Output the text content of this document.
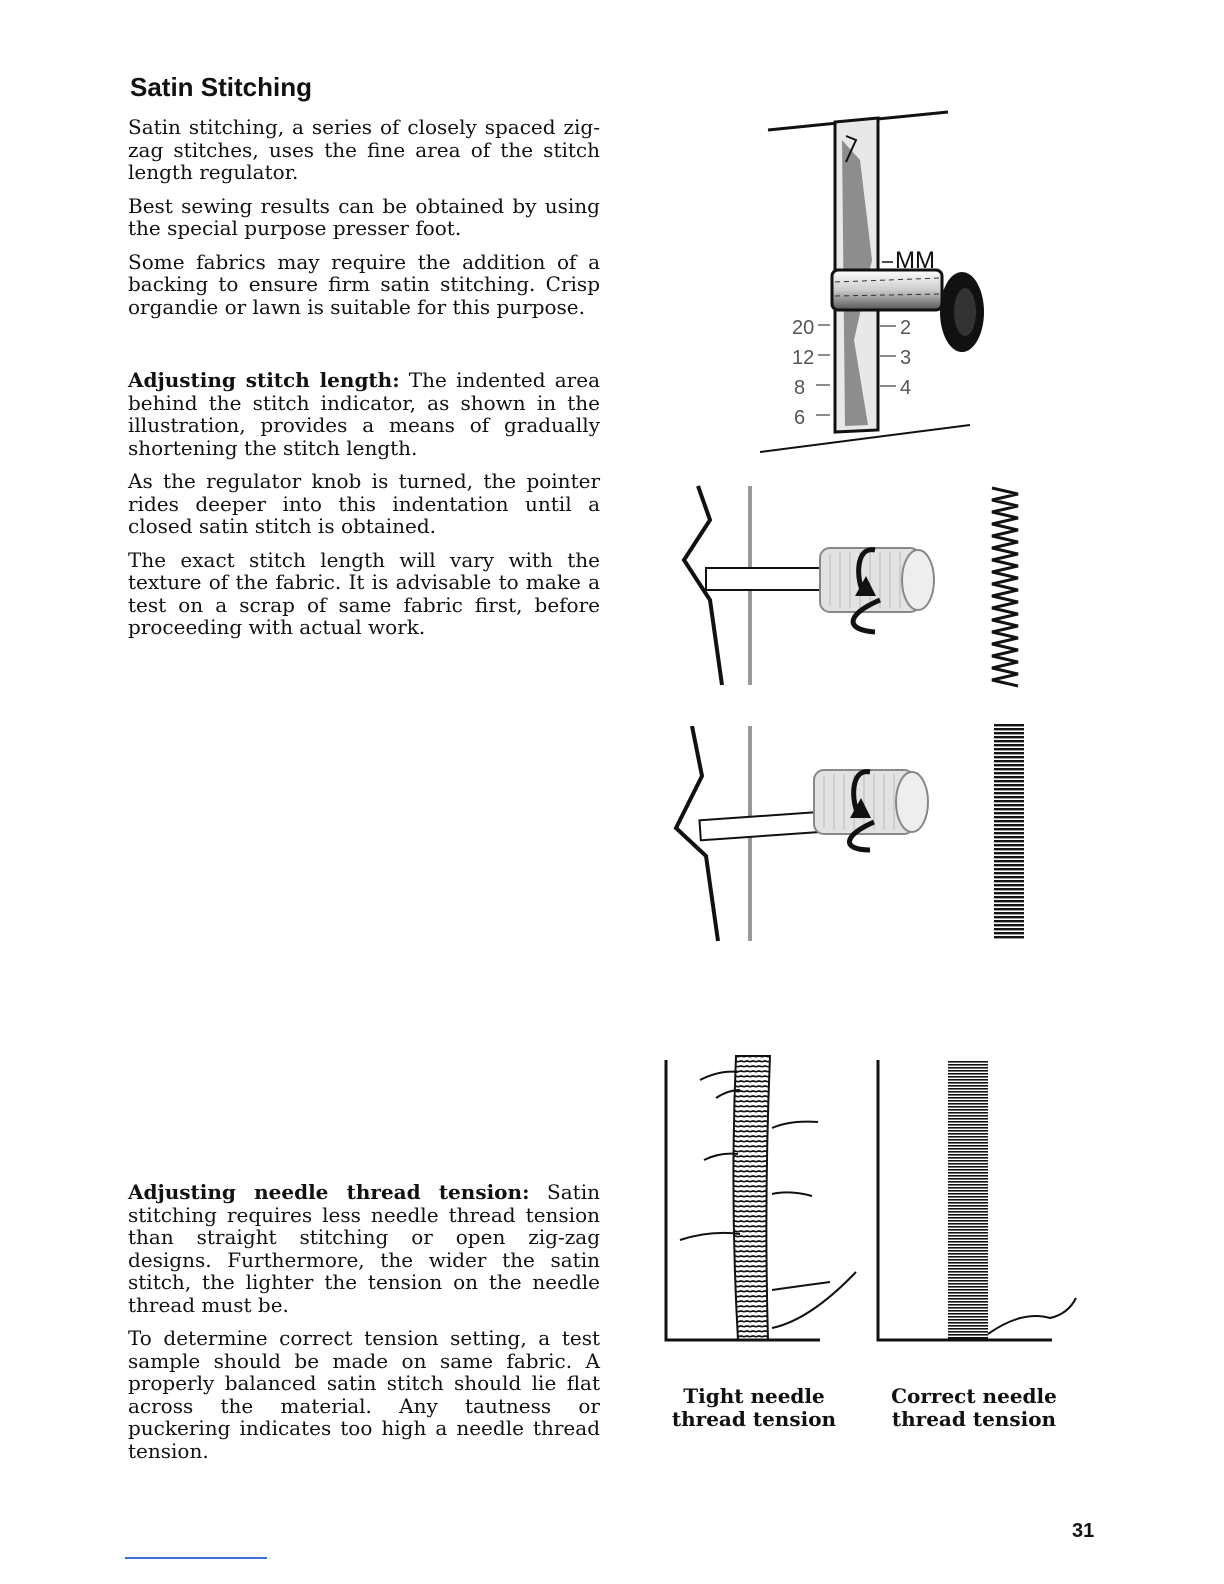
Satin Stitching

Satin stitching, a series of closely spaced zig-zag stitches, uses the fine area of the stitch length regulator.

Best sewing results can be obtained by using the special purpose presser foot.

Some fabrics may require the addition of a backing to ensure firm satin stitching. Crisp organdie or lawn is suitable for this purpose.

Adjusting stitch length: The indented area behind the stitch indicator, as shown in the illustration, provides a means of gradually shortening the stitch length.

As the regulator knob is turned, the pointer rides deeper into this indentation until a closed satin stitch is obtained.

The exact stitch length will vary with the texture of the fabric. It is advisable to make a test on a scrap of same fabric first, before proceeding with actual work.

Adjusting needle thread tension: Satin stitching requires less needle thread tension than straight stitching or open zig-zag designs. Furthermore, the wider the satin stitch, the lighter the tension on the needle thread must be.

To determine correct tension setting, a test sample should be made on same fabric. A properly balanced satin stitch should lie flat across the material. Any tautness or puckering indicates too high a needle thread tension.

MM
20
12
8
6
2
3
4
Tight needle
thread tension
Correct needle
thread tension
31
